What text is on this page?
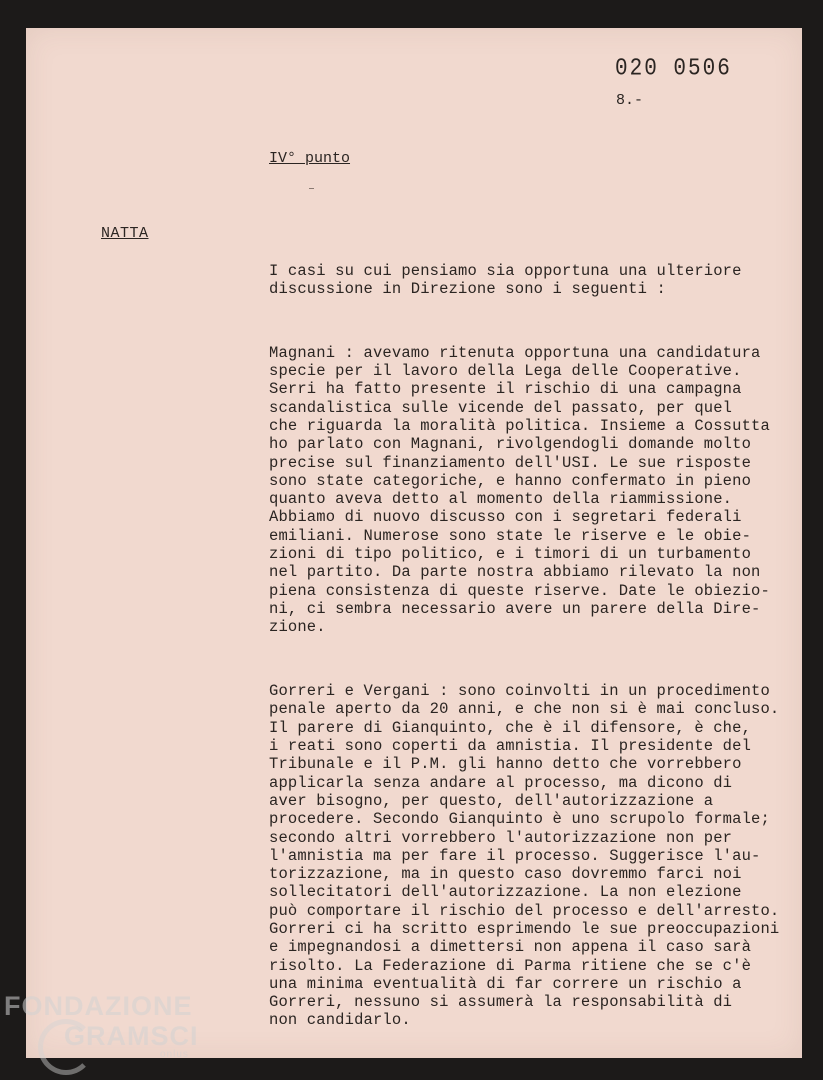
020 0506
8.-
IV° punto
NATTA

I casi su cui pensiamo sia opportuna una ulteriore
discussione in Direzione sono i seguenti :

Magnani : avevamo ritenuta opportuna una candidatura
specie per il lavoro della Lega delle Cooperative.
Serri ha fatto presente il rischio di una campagna
scandalistica sulle vicende del passato, per quel
che riguarda la moralità politica. Insieme a Cossutta
ho parlato con Magnani, rivolgendogli domande molto
precise sul finanziamento dell'USI. Le sue risposte
sono state categoriche, e hanno confermato in pieno
quanto aveva detto al momento della riammissione.
Abbiamo di nuovo discusso con i segretari federali
emiliani. Numerose sono state le riserve e le obie-
zioni di tipo politico, e i timori di un turbamento
nel partito. Da parte nostra abbiamo rilevato la non
piena consistenza di queste riserve. Date le obiezio-
ni, ci sembra necessario avere un parere della Dire-
zione.

Gorreri e Vergani : sono coinvolti in un procedimento
penale aperto da 20 anni, e che non si è mai concluso.
Il parere di Gianquinto, che è il difensore, è che,
i reati sono coperti da amnistia. Il presidente del
Tribunale e il P.M. gli hanno detto che vorrebbero
applicarla senza andare al processo, ma dicono di
aver bisogno, per questo, dell'autorizzazione a
procedere. Secondo Gianquinto è uno scrupolo formale;
secondo altri vorrebbero l'autorizzazione non per
l'amnistia ma per fare il processo. Suggerisce l'au-
torizzazione, ma in questo caso dovremmo farci noi
sollecitatori dell'autorizzazione. La non elezione
può comportare il rischio del processo e dell'arresto.
Gorreri ci ha scritto esprimendo le sue preoccupazioni
e impegnandosi a dimettersi non appena il caso sarà
risolto. La Federazione di Parma ritiene che se c'è
una minima eventualità di far correre un rischio a
Gorreri, nessuno si assumerà la responsabilità di
non candidarlo.

FONDAZIONE
GRAMSCI
onlus
